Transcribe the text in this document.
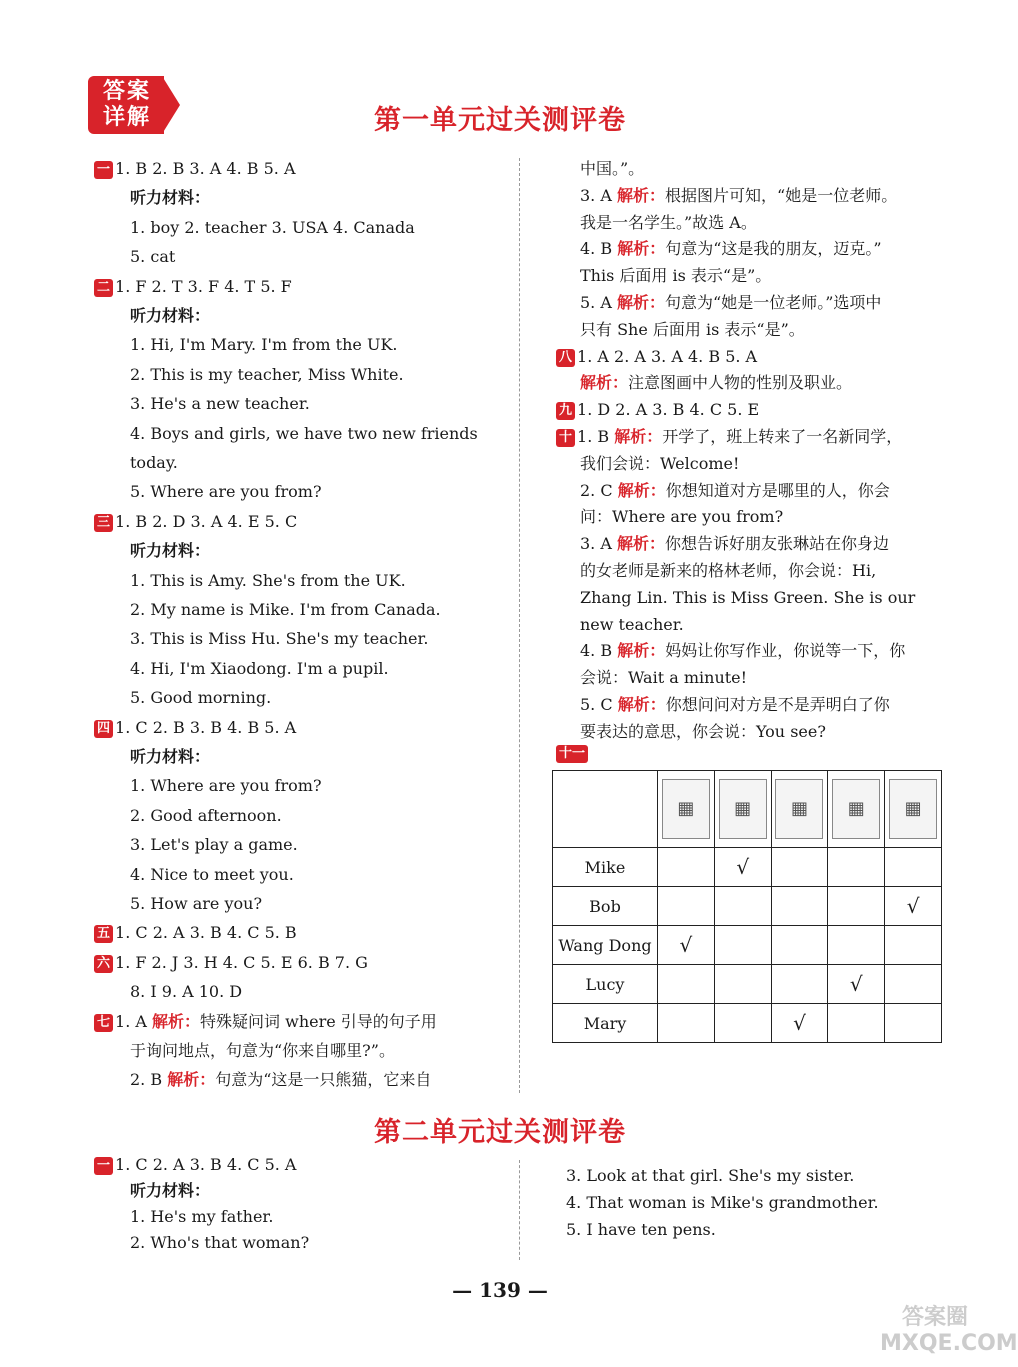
答案
详解	第一单元过关测评卷
一 1. B 2. B 3. A 4. B 5. A
听力材料：
1. boy 2. teacher 3. USA 4. Canada
5. cat
二 1. F 2. T 3. F 4. T 5. F
听力材料：
1. Hi, I'm Mary. I'm from the UK.
2. This is my teacher, Miss White.
3. He's a new teacher.
4. Boys and girls, we have two new friends
today.
5. Where are you from?
三 1. B 2. D 3. A 4. E 5. C
听力材料：
1. This is Amy. She's from the UK.
2. My name is Mike. I'm from Canada.
3. This is Miss Hu. She's my teacher.
4. Hi, I'm Xiaodong. I'm a pupil.
5. Good morning.
四 1. C 2. B 3. B 4. B 5. A
听力材料：
1. Where are you from?
2. Good afternoon.
3. Let's play a game.
4. Nice to meet you.
5. How are you?
五 1. C 2. A 3. B 4. C 5. B
六 1. F 2. J 3. H 4. C 5. E 6. B 7. G
8. I 9. A 10. D
七 1. A 解析：特殊疑问词 where 引导的句子用
于询问地点，句意为“你来自哪里?”。
2. B 解析：句意为“这是一只熊猫，它来自
中国。”。
3. A 解析：根据图片可知，“她是一位老师。
我是一名学生。”故选 A。
4. B 解析：句意为“这是我的朋友，迈克。”
This 后面用 is 表示“是”。
5. A 解析：句意为“她是一位老师。”选项中
只有 She 后面用 is 表示“是”。
八 1. A 2. A 3. A 4. B 5. A
解析：注意图画中人物的性别及职业。
九 1. D 2. A 3. B 4. C 5. E
十 1. B 解析：开学了，班上转来了一名新同学，
我们会说：Welcome!
2. C 解析：你想知道对方是哪里的人，你会
问：Where are you from?
3. A 解析：你想告诉好朋友张琳站在你身边
的女老师是新来的格林老师，你会说：Hi,
Zhang Lin. This is Miss Green. She is our
new teacher.
4. B 解析：妈妈让你写作业，你说等一下，你
会说：Wait a minute!
5. C 解析：你想问问对方是不是弄明白了你
要表达的意思，你会说：You see?
十一
	▦	▦	▦	▦	▦
Mike		√			
Bob					√
Wang Dong	√				
Lucy				√	
Mary			√		
第二单元过关测评卷
一 1. C 2. A 3. B 4. C 5. A
听力材料：
1. He's my father.
2. Who's that woman?
3. Look at that girl. She's my sister.
4. That woman is Mike's grandmother.
5. I have ten pens.
— 139 —
答案圈 MXQE.COM
